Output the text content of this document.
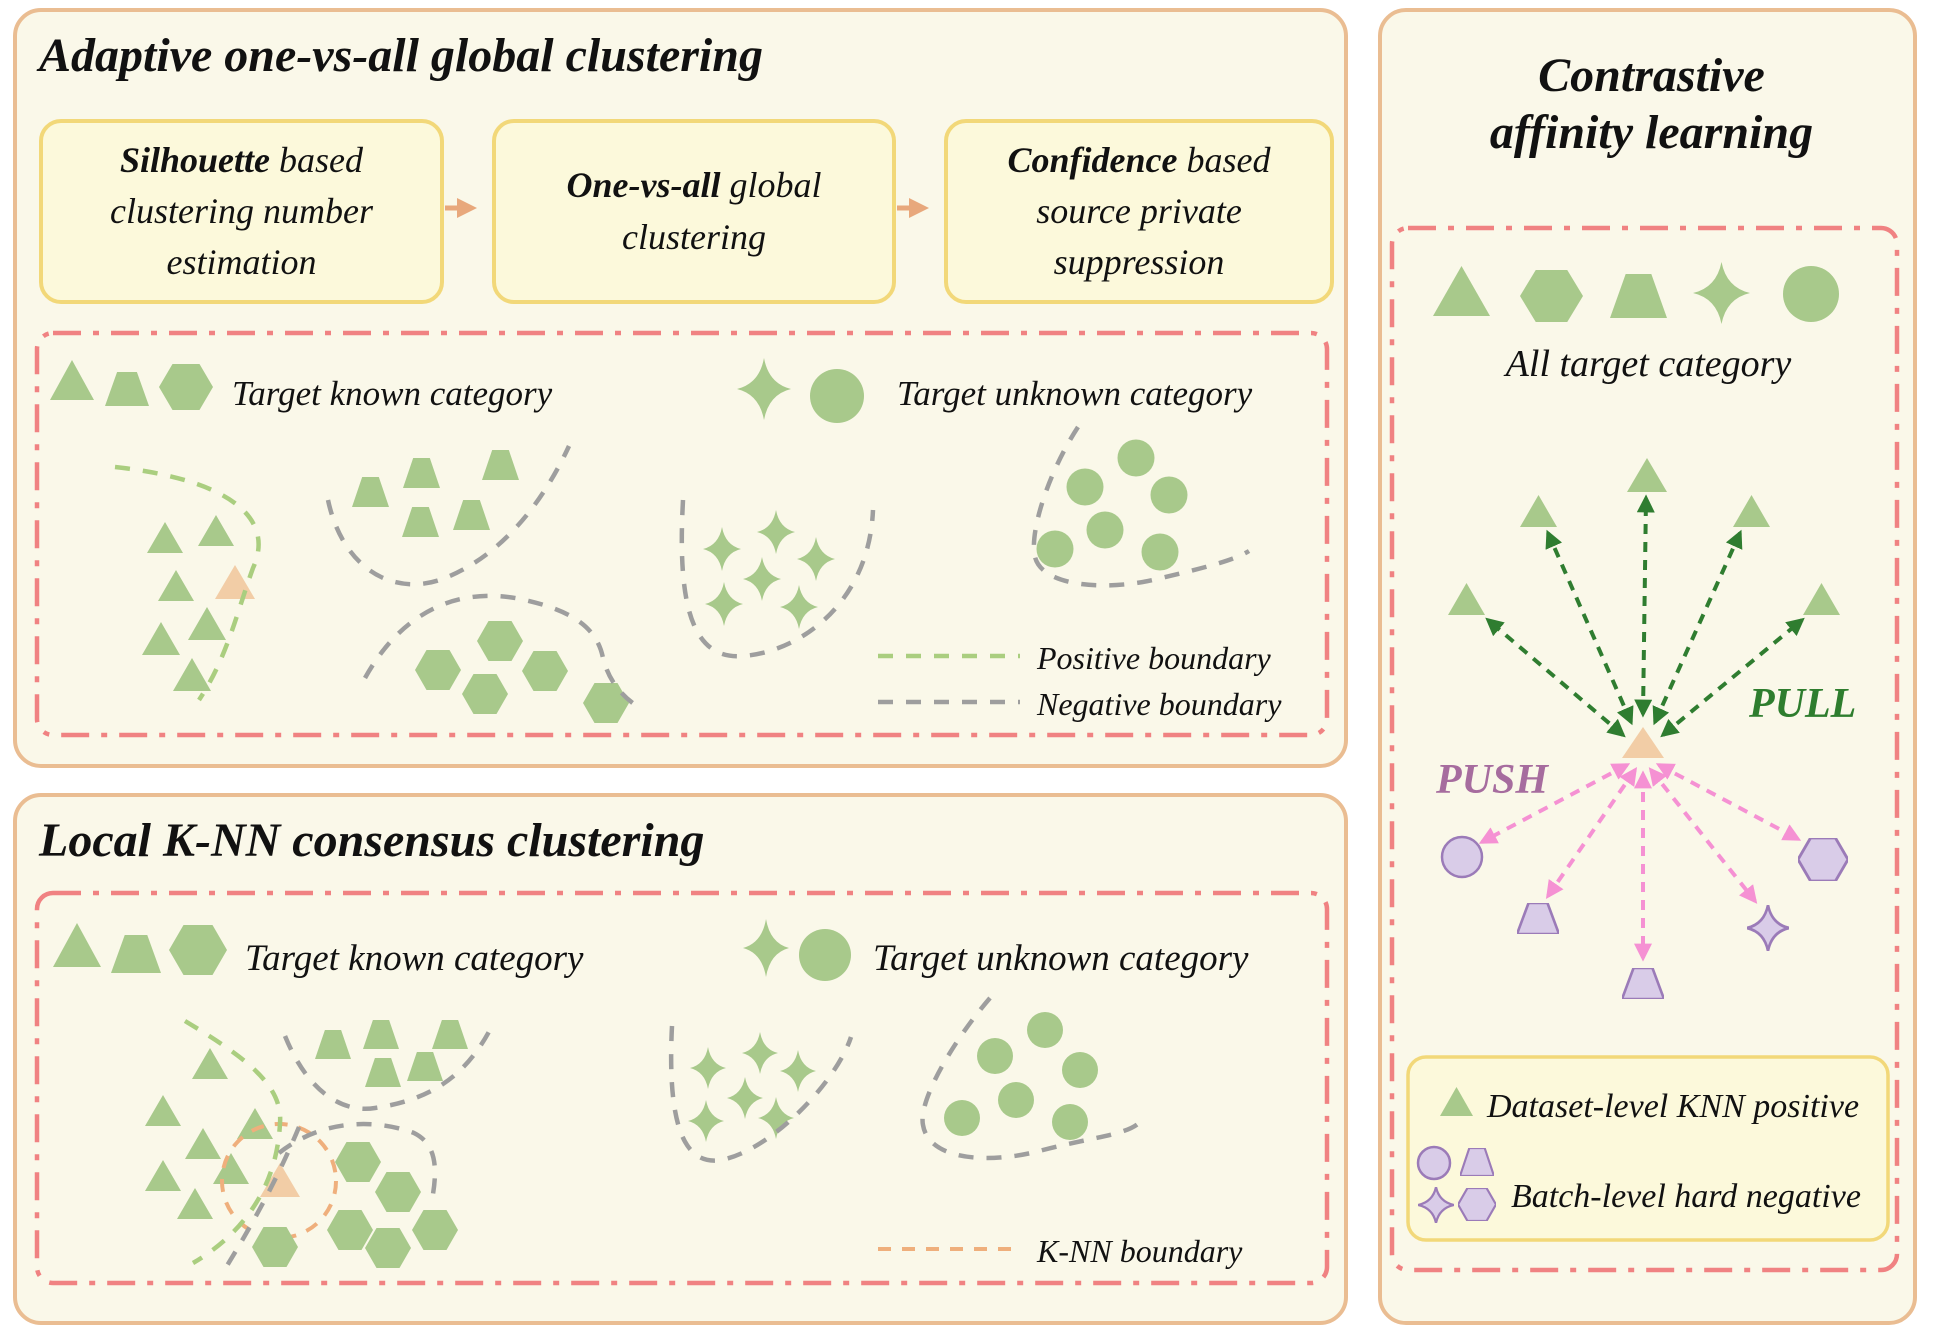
Adaptive one-vs-all global clustering
Silhouette based clustering number estimation
One-vs-all global clustering
Confidence based source private suppression
Target known category	Target unknown category
Positive boundary
Negative boundary
Local K-NN consensus clustering
Target known category	Target unknown category
K-NN boundary
Contrastive
affinity learning
All target category
PULL
PUSH
Dataset-level KNN positive
Batch-level hard negative
